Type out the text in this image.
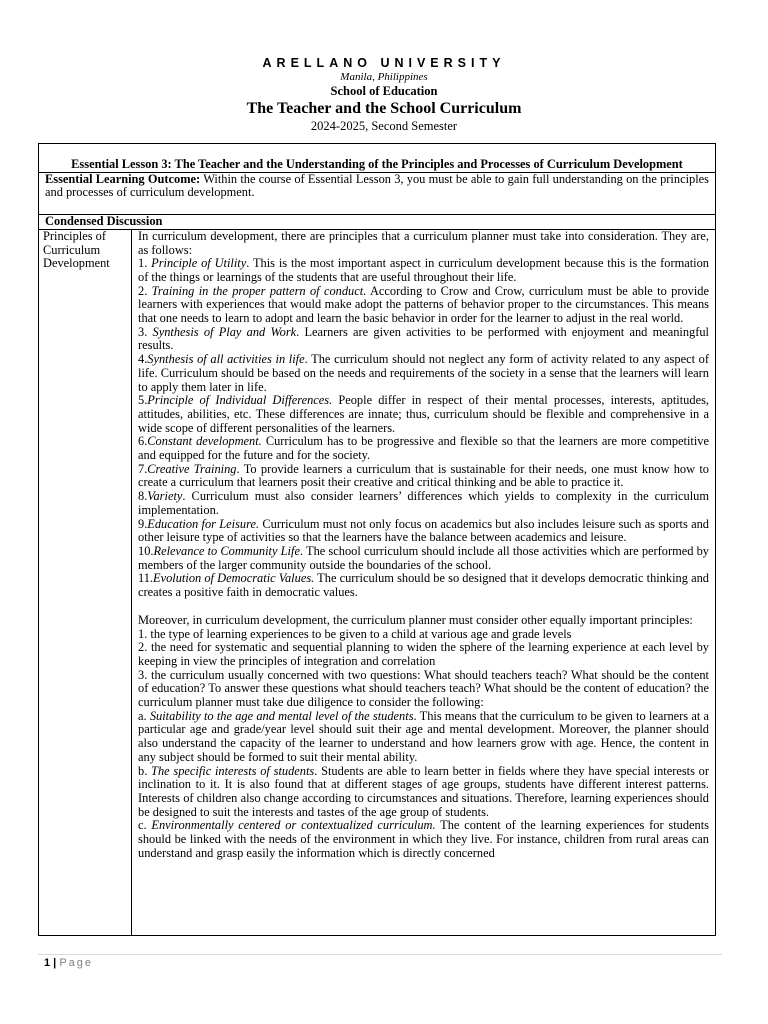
ARELLANO UNIVERSITY
Manila, Philippines
School of Education
The Teacher and the School Curriculum
2024-2025, Second Semester
Essential Lesson 3: The Teacher and the Understanding of the Principles and Processes of Curriculum Development
Essential Learning Outcome: Within the course of Essential Lesson 3, you must be able to gain full understanding on the principles and processes of curriculum development.
Condensed Discussion
Principles of Curriculum Development	

In curriculum development, there are principles that a curriculum planner must take into consideration. They are, as follows:

1. Principle of Utility. This is the most important aspect in curriculum development because this is the formation of the things or learnings of the students that are useful throughout their life.

2. Training in the proper pattern of conduct. According to Crow and Crow, curriculum must be able to provide learners with experiences that would make adopt the patterns of behavior proper to the circumstances. This means that one needs to learn to adopt and learn the basic behavior in order for the learner to adjust in the real world.

3. Synthesis of Play and Work. Learners are given activities to be performed with enjoyment and meaningful results.

4.Synthesis of all activities in life. The curriculum should not neglect any form of activity related to any aspect of life. Curriculum should be based on the needs and requirements of the society in a sense that the learners will learn to apply them later in life.

5.Principle of Individual Differences. People differ in respect of their mental processes, interests, aptitudes, attitudes, abilities, etc. These differences are innate; thus, curriculum should be flexible and comprehensive in a wide scope of different personalities of the learners.

6.Constant development. Curriculum has to be progressive and flexible so that the learners are more competitive and equipped for the future and for the society.

7.Creative Training. To provide learners a curriculum that is sustainable for their needs, one must know how to create a curriculum that learners posit their creative and critical thinking and be able to practice it.

8.Variety. Curriculum must also consider learners’ differences which yields to complexity in the curriculum implementation.

9.Education for Leisure. Curriculum must not only focus on academics but also includes leisure such as sports and other leisure type of activities so that the learners have the balance between academics and leisure.

10.Relevance to Community Life. The school curriculum should include all those activities which are performed by members of the larger community outside the boundaries of the school.

11.Evolution of Democratic Values. The curriculum should be so designed that it develops democratic thinking and creates a positive faith in democratic values.

Moreover, in curriculum development, the curriculum planner must consider other equally important principles:

1. the type of learning experiences to be given to a child at various age and grade levels

2. the need for systematic and sequential planning to widen the sphere of the learning experience at each level by keeping in view the principles of integration and correlation

3. the curriculum usually concerned with two questions: What should teachers teach? What should be the content of education? To answer these questions what should teachers teach? What should be the content of education? the curriculum planner must take due diligence to consider the following:

a. Suitability to the age and mental level of the students. This means that the curriculum to be given to learners at a particular age and grade/year level should suit their age and mental development. Moreover, the planner should also understand the capacity of the learner to understand and how learners grow with age. Hence, the content in any subject should be formed to suit their mental ability.

b. The specific interests of students. Students are able to learn better in fields where they have special interests or inclination to it. It is also found that at different stages of age groups, students have different interest patterns. Interests of children also change according to circumstances and situations. Therefore, learning experiences should be designed to suit the interests and tastes of the age group of students.

c. Environmentally centered or contextualized curriculum. The content of the learning experiences for students should be linked with the needs of the environment in which they live. For instance, children from rural areas can understand and grasp easily the information which is directly concerned

1 | Page
